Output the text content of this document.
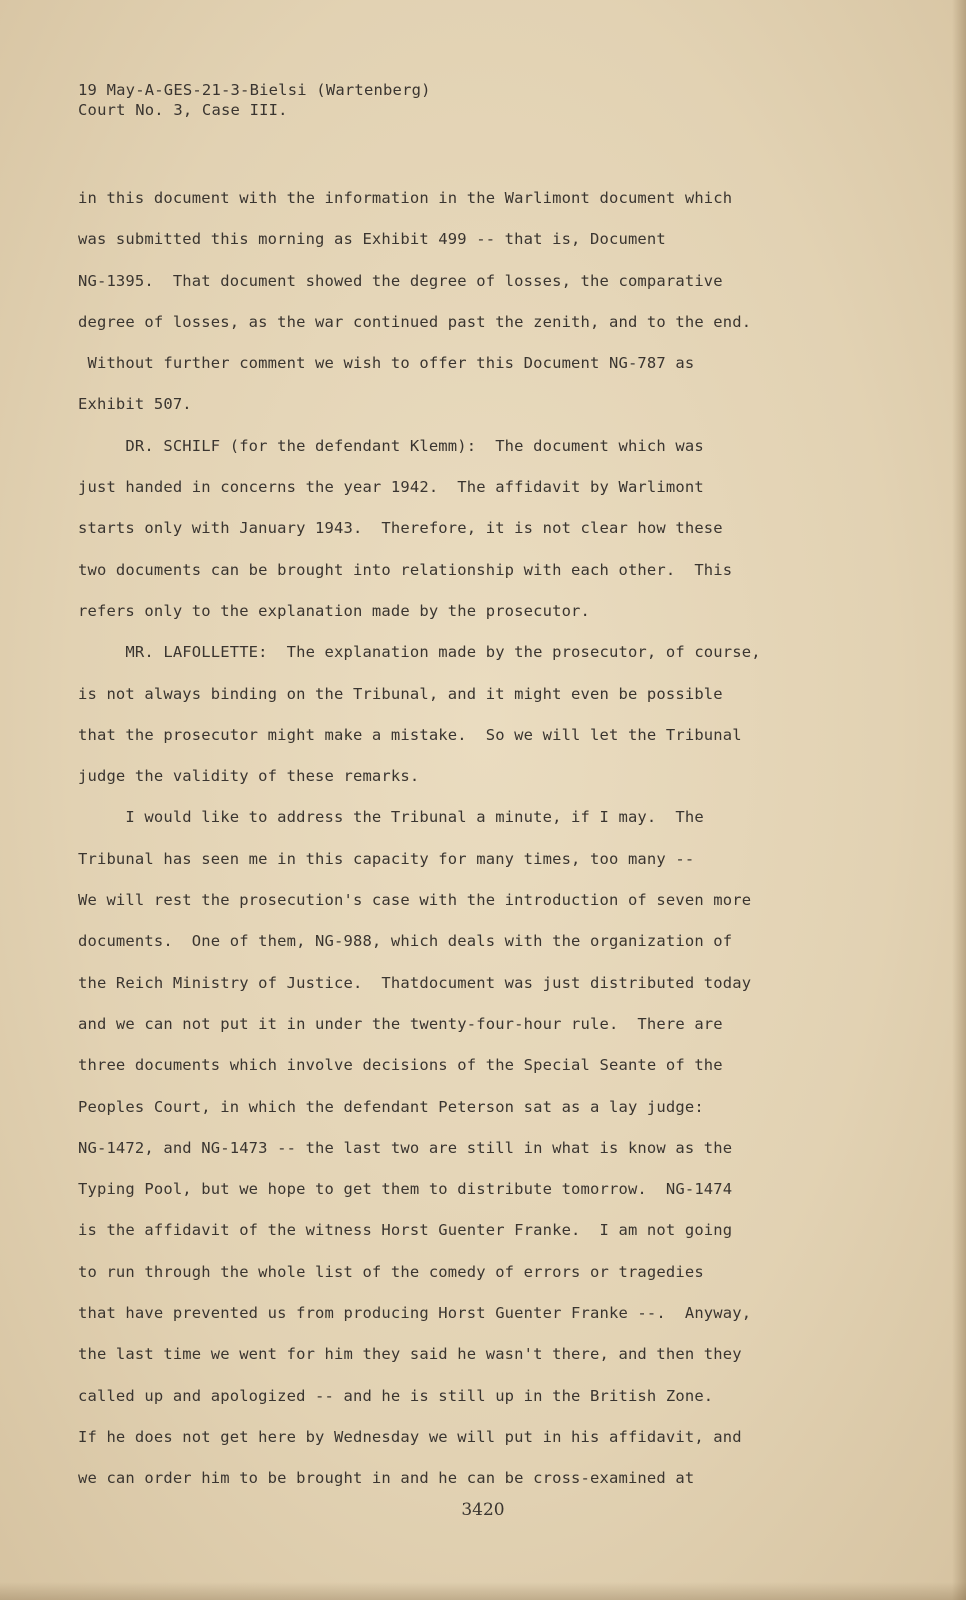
19 May-A-GES-21-3-Bielsi (Wartenberg)
Court No. 3, Case III.
in this document with the information in the Warlimont document which
was submitted this morning as Exhibit 499 -- that is, Document
NG-1395.  That document showed the degree of losses, the comparative
degree of losses, as the war continued past the zenith, and to the end.
Without further comment we wish to offer this Document NG-787 as
Exhibit 507.
DR. SCHILF (for the defendant Klemm):  The document which was
just handed in concerns the year 1942.  The affidavit by Warlimont
starts only with January 1943.  Therefore, it is not clear how these
two documents can be brought into relationship with each other.  This
refers only to the explanation made by the prosecutor.
MR. LAFOLLETTE:  The explanation made by the prosecutor, of course,
is not always binding on the Tribunal, and it might even be possible
that the prosecutor might make a mistake.  So we will let the Tribunal
judge the validity of these remarks.
I would like to address the Tribunal a minute, if I may.  The
Tribunal has seen me in this capacity for many times, too many --
We will rest the prosecution's case with the introduction of seven more
documents.  One of them, NG-988, which deals with the organization of
the Reich Ministry of Justice.  Thatdocument was just distributed today
and we can not put it in under the twenty-four-hour rule.  There are
three documents which involve decisions of the Special Seante of the
Peoples Court, in which the defendant Peterson sat as a lay judge:
NG-1472, and NG-1473 -- the last two are still in what is know as the
Typing Pool, but we hope to get them to distribute tomorrow.  NG-1474
is the affidavit of the witness Horst Guenter Franke.  I am not going
to run through the whole list of the comedy of errors or tragedies
that have prevented us from producing Horst Guenter Franke --.  Anyway,
the last time we went for him they said he wasn't there, and then they
called up and apologized -- and he is still up in the British Zone.
If he does not get here by Wednesday we will put in his affidavit, and
we can order him to be brought in and he can be cross-examined at
3420
